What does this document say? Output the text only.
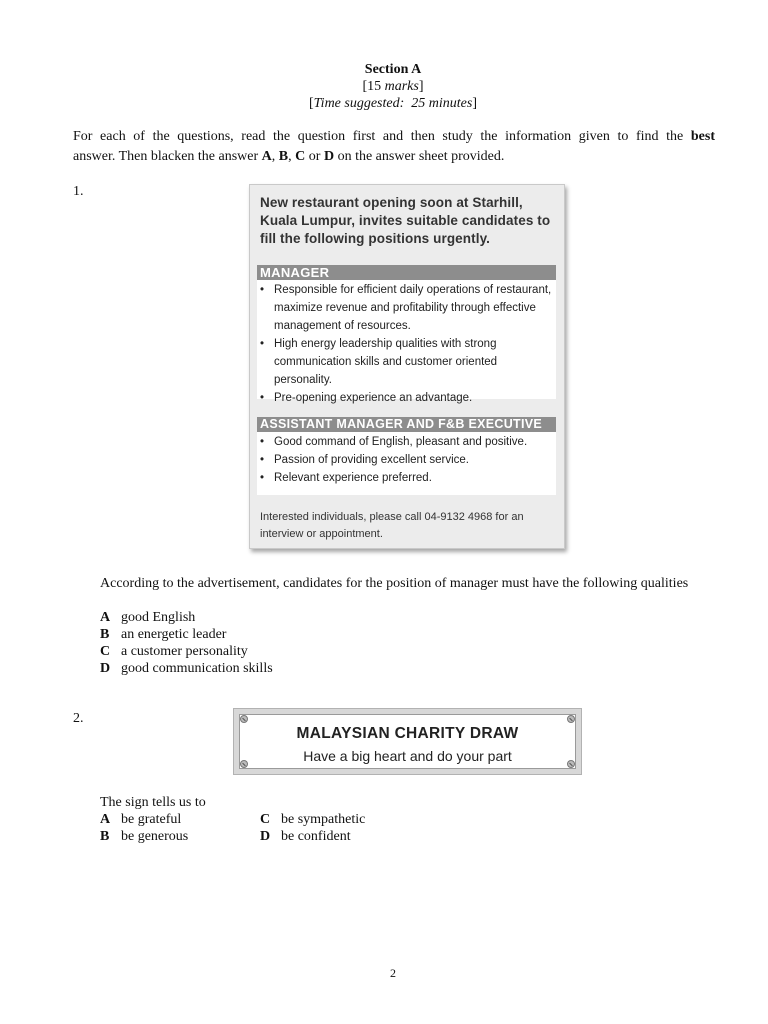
Section A
[15 marks]
[Time suggested:  25 minutes]
For each of the questions, read the question first and then study the information given to find the best
answer. Then blacken the answer A, B, C or D on the answer sheet provided.
1.
New restaurant opening soon at Starhill, Kuala Lumpur, invites suitable candidates to fill the following positions urgently.
MANAGER
• Responsible for efficient daily operations of restaurant, maximize revenue and profitability through effective management of resources.
• High energy leadership qualities with strong communication skills and customer oriented personality.
• Pre-opening experience an advantage.
ASSISTANT MANAGER AND F&B EXECUTIVE
• Good command of English, pleasant and positive.
• Passion of providing excellent service.
• Relevant experience preferred.
Interested individuals, please call 04-9132 4968 for an interview or appointment.
According to the advertisement, candidates for the position of manager must have the following qualities
A good English
B an energetic leader
C a customer personality
D good communication skills
2.
MALAYSIAN CHARITY DRAW
Have a big heart and do your part
The sign tells us to
A be grateful
B be generous
C be sympathetic
D be confident
2
